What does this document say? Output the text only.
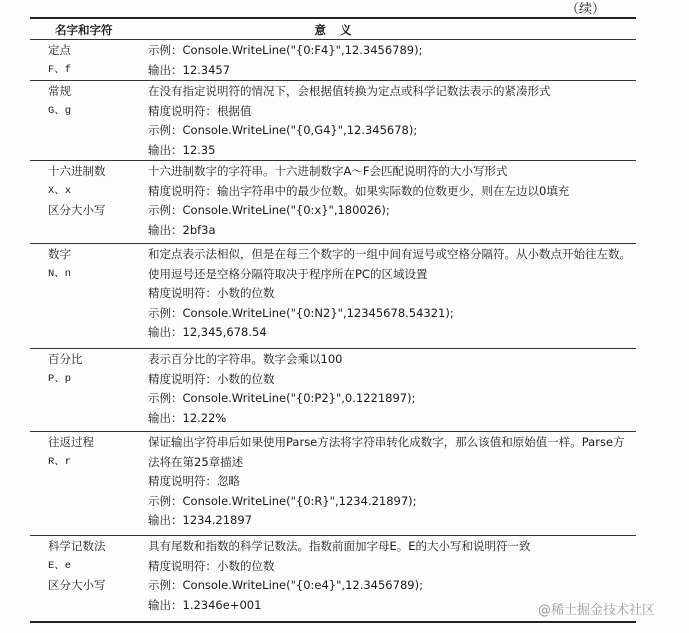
（续）
名字和字符	意义
定点
F、f
示例：Console.WriteLine("{0:F4}",12.3456789);
输出：12.3457
常规
G、g
在没有指定说明符的情况下，会根据值转换为定点或科学记数法表示的紧凑形式
精度说明符：根据值
示例：Console.WriteLine("{0,G4}",12.345678);
输出：12.35
十六进制数
X、x
区分大小写
十六进制数字的字符串。十六进制数字A～F会匹配说明符的大小写形式
精度说明符：输出字符串中的最少位数。如果实际数的位数更少，则在左边以0填充
示例：Console.WriteLine("{0:x}",180026);
输出：2bf3a
数字
N、n
和定点表示法相似，但是在每三个数字的一组中间有逗号或空格分隔符。从小数点开始往左数。
使用逗号还是空格分隔符取决于程序所在PC的区域设置
精度说明符：小数的位数
示例：Console.WriteLine("{0:N2}",12345678.54321);
输出：12,345,678.54
百分比
P、p
表示百分比的字符串。数字会乘以100
精度说明符：小数的位数
示例：Console.WriteLine("{0:P2}",0.1221897);
输出：12.22%
往返过程
R、r
保证输出字符串后如果使用Parse方法将字符串转化成数字，那么该值和原始值一样。Parse方
法将在第25章描述
精度说明符：忽略
示例：Console.WriteLine("{0:R}",1234.21897);
输出：1234.21897
科学记数法
E、e
区分大小写
具有尾数和指数的科学记数法。指数前面加字母E。E的大小写和说明符一致
精度说明符：小数的位数
示例：Console.WriteLine("{0:e4}",12.3456789);
输出：1.2346e+001	@稀土掘金技术社区
